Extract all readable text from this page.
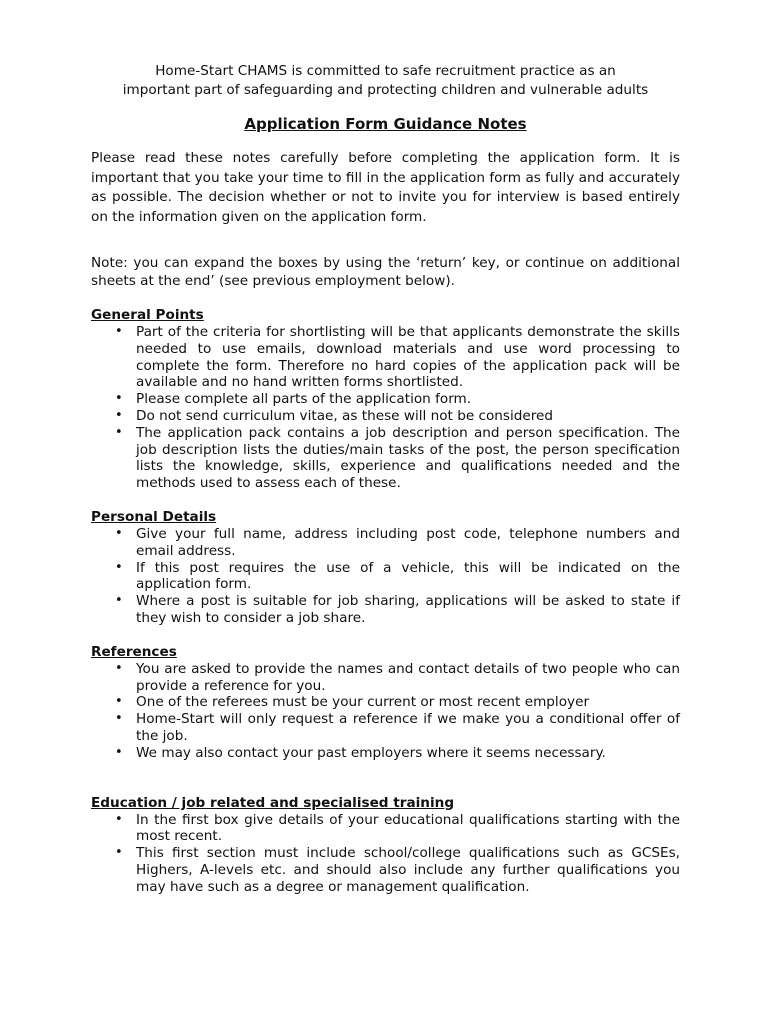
Home-Start CHAMS is committed to safe recruitment practice as an
important part of safeguarding and protecting children and vulnerable adults

Application Form Guidance Notes

Please read these notes carefully before completing the application form. It is important that you take your time to fill in the application form as fully and accurately as possible. The decision whether or not to invite you for interview is based entirely on the information given on the application form.

Note: you can expand the boxes by using the ‘return’ key, or continue on additional sheets at the end’ (see previous employment below).

General Points
• Part of the criteria for shortlisting will be that applicants demonstrate the skills needed to use emails, download materials and use word processing to complete the form. Therefore no hard copies of the application pack will be available and no hand written forms shortlisted.
• Please complete all parts of the application form.
• Do not send curriculum vitae, as these will not be considered
• The application pack contains a job description and person specification. The job description lists the duties/main tasks of the post, the person specification lists the knowledge, skills, experience and qualifications needed and the methods used to assess each of these.
Personal Details
• Give your full name, address including post code, telephone numbers and email address.
• If this post requires the use of a vehicle, this will be indicated on the application form.
• Where a post is suitable for job sharing, applications will be asked to state if they wish to consider a job share.
References
• You are asked to provide the names and contact details of two people who can provide a reference for you.
• One of the referees must be your current or most recent employer
• Home-Start will only request a reference if we make you a conditional offer of the job.
• We may also contact your past employers where it seems necessary.
Education / job related and specialised training
• In the first box give details of your educational qualifications starting with the most recent.
• This first section must include school/college qualifications such as GCSEs, Highers, A-levels etc. and should also include any further qualifications you may have such as a degree or management qualification.
